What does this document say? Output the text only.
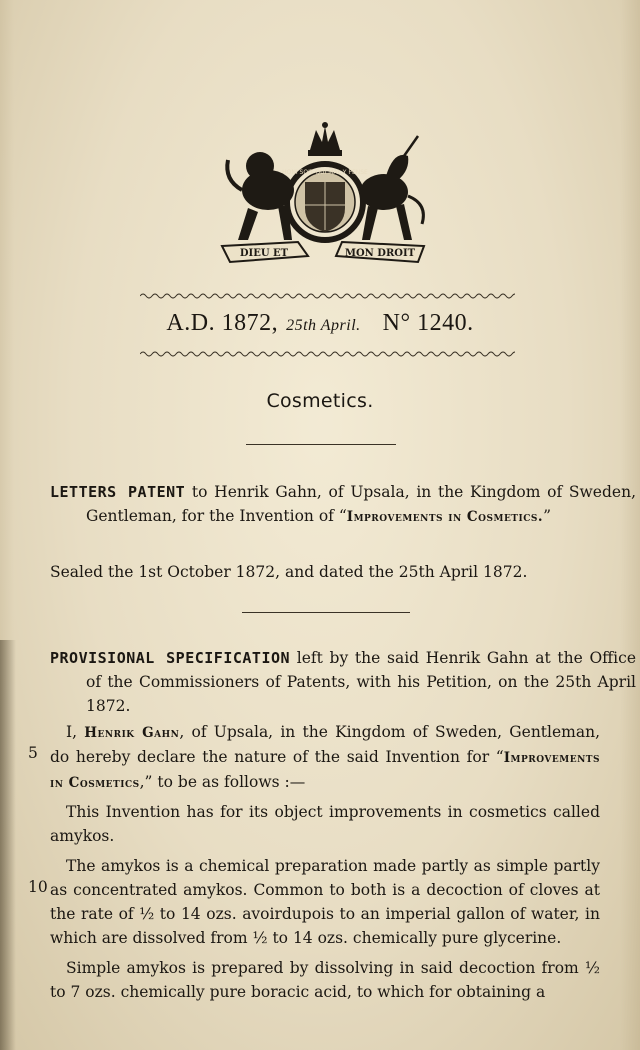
HONI SOIT QUI MAL Y PENSE
DIEU ET	MON DROIT
A.D. 1872, 25th April. N° 1240.
Cosmetics.
LETTERS PATENT to Henrik Gahn, of Upsala, in the Kingdom of Sweden, Gentleman, for the Invention of “Improvements in Cosmetics.”
Sealed the 1st October 1872, and dated the 25th April 1872.
PROVISIONAL SPECIFICATION left by the said Henrik Gahn at the Office of the Commissioners of Patents, with his Petition, on the 25th April 1872.
5
I, Henrik Gahn, of Upsala, in the Kingdom of Sweden, Gentleman, do hereby declare the nature of the said Invention for “Improvements in Cosmetics,” to be as follows :—
This Invention has for its object improvements in cosmetics called amykos.
10
The amykos is a chemical preparation made partly as simple partly as concentrated amykos. Common to both is a decoction of cloves at the rate of ½ to 14 ozs. avoirdupois to an imperial gallon of water, in which are dissolved from ½ to 14 ozs. chemically pure glycerine.
Simple amykos is prepared by dissolving in said decoction from ½ to 7 ozs. chemically pure boracic acid, to which for obtaining a
